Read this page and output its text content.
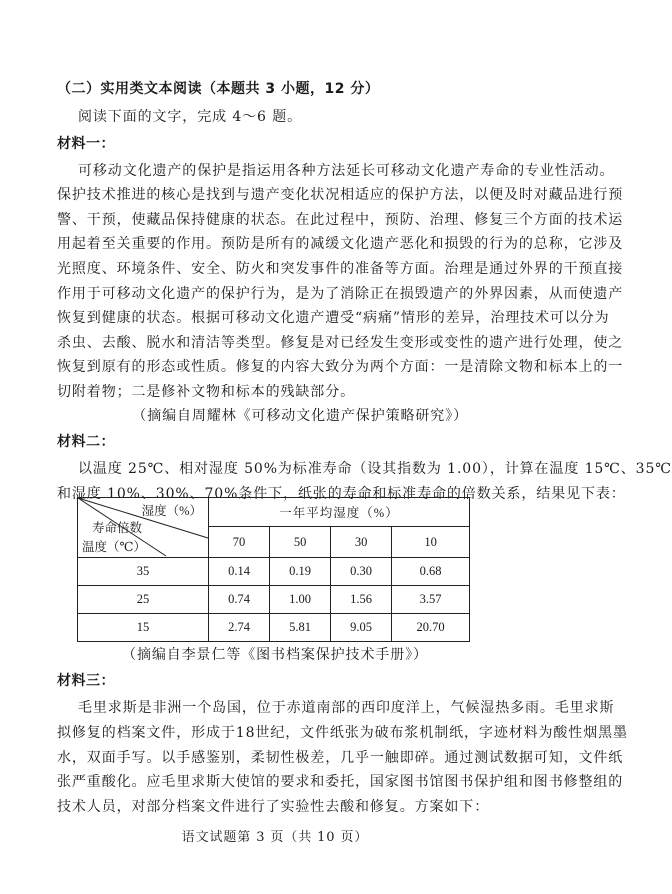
（二）实用类文本阅读（本题共 3 小题，12 分）
阅读下面的文字，完成 4～6 题。
材料一：
可移动文化遗产的保护是指运用各种方法延长可移动文化遗产寿命的专业性活动。
保护技术推进的核心是找到与遗产变化状况相适应的保护方法，以便及时对藏品进行预
警、干预，使藏品保持健康的状态。在此过程中，预防、治理、修复三个方面的技术运
用起着至关重要的作用。预防是所有的减缓文化遗产恶化和损毁的行为的总称，它涉及
光照度、环境条件、安全、防火和突发事件的准备等方面。治理是通过外界的干预直接
作用于可移动文化遗产的保护行为，是为了消除正在损毁遗产的外界因素，从而使遗产
恢复到健康的状态。根据可移动文化遗产遭受“病痛”情形的差异，治理技术可以分为
杀虫、去酸、脱水和清洁等类型。修复是对已经发生变形或变性的遗产进行处理，使之
恢复到原有的形态或性质。修复的内容大致分为两个方面：一是清除文物和标本上的一
切附着物；二是修补文物和标本的残缺部分。
（摘编自周耀林《可移动文化遗产保护策略研究》）
材料二：
以温度 25℃、相对湿度 50%为标准寿命（设其指数为 1.00），计算在温度 15℃、35℃
和湿度 10%、30%、70%条件下，纸张的寿命和标准寿命的倍数关系，结果见下表：
湿度（%）
寿命倍数
温度（℃）	一年平均湿度（%）			
	70	50	30	10
35	0.14	0.19	0.30	0.68
25	0.74	1.00	1.56	3.57
15	2.74	5.81	9.05	20.70
（摘编自李景仁等《图书档案保护技术手册》）
材料三：
毛里求斯是非洲一个岛国，位于赤道南部的西印度洋上，气候湿热多雨。毛里求斯
拟修复的档案文件，形成于18世纪，文件纸张为破布浆机制纸，字迹材料为酸性烟黑墨
水，双面手写。以手感鉴别，柔韧性极差，几乎一触即碎。通过测试数据可知，文件纸
张严重酸化。应毛里求斯大使馆的要求和委托，国家图书馆图书保护组和图书修整组的
技术人员，对部分档案文件进行了实验性去酸和修复。方案如下：
语文试题第 3 页（共 10 页）
